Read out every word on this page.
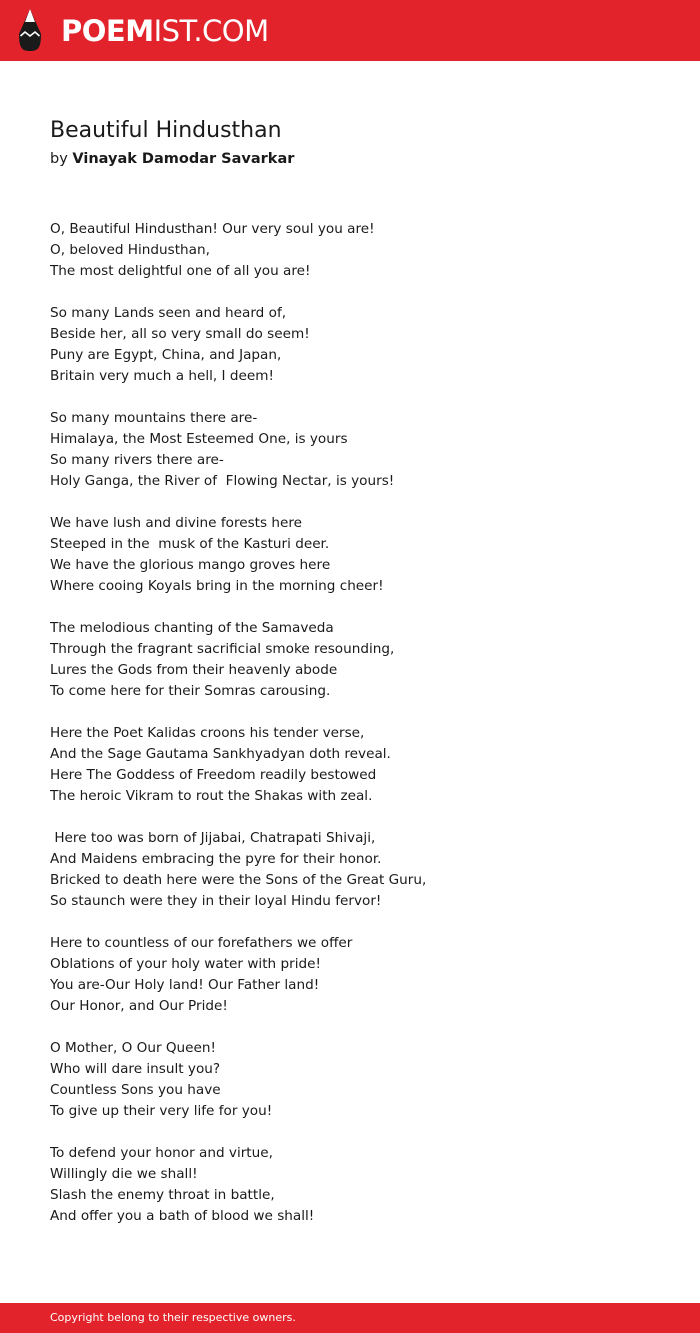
POEMIST.COM
Beautiful Hindusthan
by Vinayak Damodar Savarkar
O, Beautiful Hindusthan! Our very soul you are!
O, beloved Hindusthan,
The most delightful one of all you are!
So many Lands seen and heard of,
Beside her, all so very small do seem!
Puny are Egypt, China, and Japan,
Britain very much a hell, I deem!
So many mountains there are-
Himalaya, the Most Esteemed One, is yours
So many rivers there are-
Holy Ganga, the River of  Flowing Nectar, is yours!
We have lush and divine forests here
Steeped in the  musk of the Kasturi deer.
We have the glorious mango groves here
Where cooing Koyals bring in the morning cheer!
The melodious chanting of the Samaveda
Through the fragrant sacrificial smoke resounding,
Lures the Gods from their heavenly abode
To come here for their Somras carousing.
Here the Poet Kalidas croons his tender verse,
And the Sage Gautama Sankhyadyan doth reveal.
Here The Goddess of Freedom readily bestowed
The heroic Vikram to rout the Shakas with zeal.
Here too was born of Jijabai, Chatrapati Shivaji,
And Maidens embracing the pyre for their honor.
Bricked to death here were the Sons of the Great Guru,
So staunch were they in their loyal Hindu fervor!
Here to countless of our forefathers we offer
Oblations of your holy water with pride!
You are-Our Holy land! Our Father land!
Our Honor, and Our Pride!
O Mother, O Our Queen!
Who will dare insult you?
Countless Sons you have
To give up their very life for you!
To defend your honor and virtue,
Willingly die we shall!
Slash the enemy throat in battle,
And offer you a bath of blood we shall!
Copyright belong to their respective owners.
